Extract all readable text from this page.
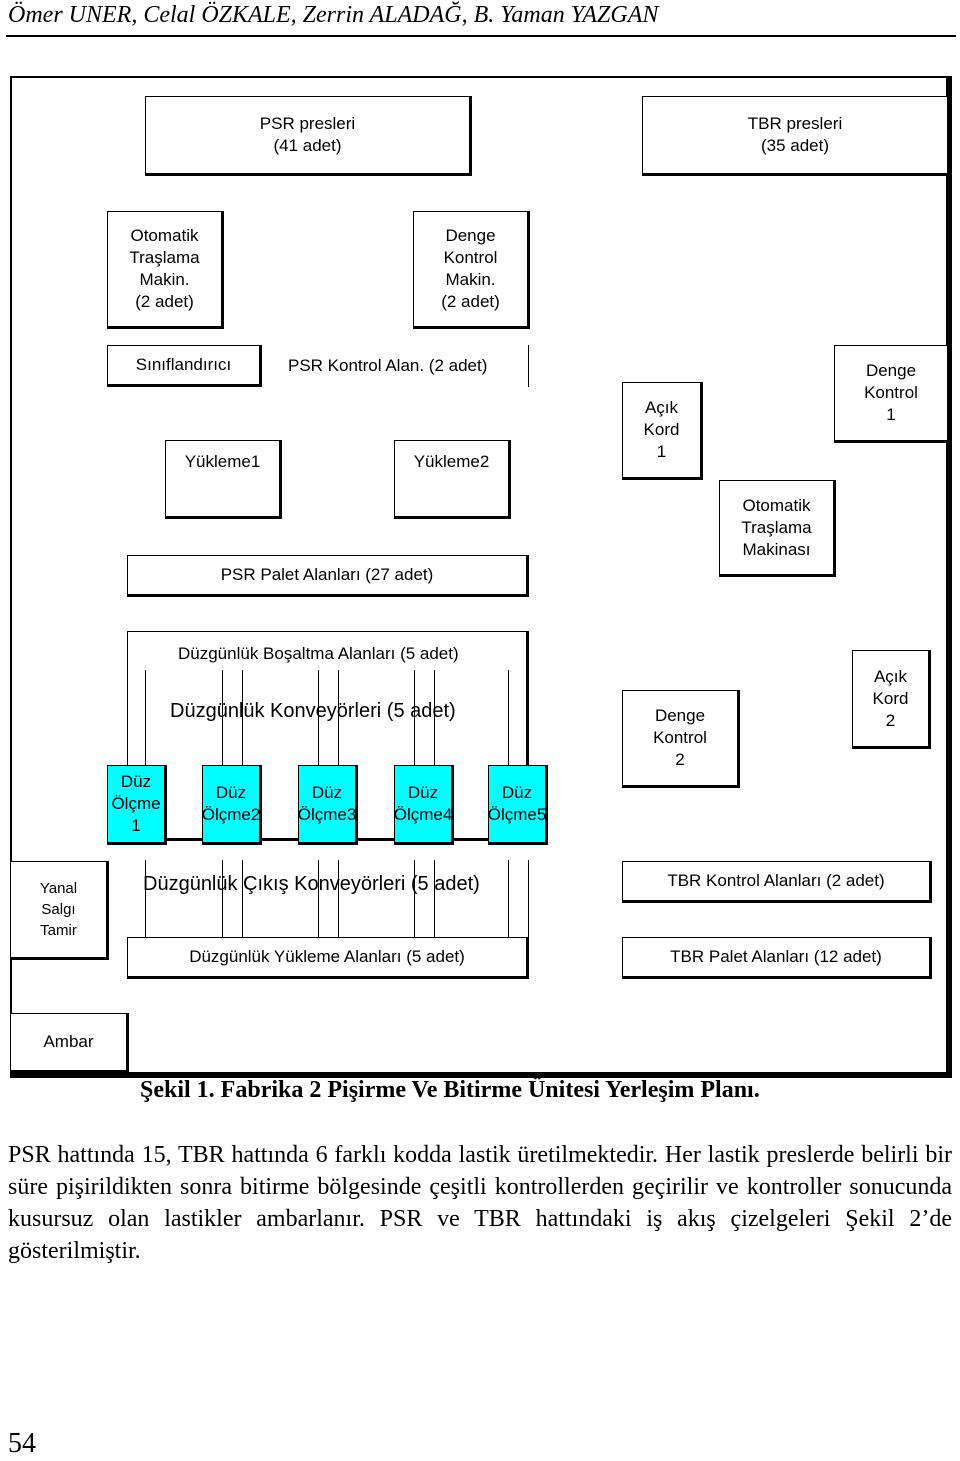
Ömer UNER, Celal ÖZKALE, Zerrin ALADAĞ, B. Yaman YAZGAN
PSR presleri
(41 adet)
TBR presleri
(35 adet)
Otomatik
Traşlama
Makin.
(2 adet)
Denge
Kontrol
Makin.
(2 adet)
Sınıflandırıcı	PSR Kontrol Alan. (2 adet)
Yükleme1	Yükleme2
Açık
Kord
1
Denge
Kontrol
1
Otomatik
Traşlama
Makinası
PSR Palet Alanları (27 adet)
Düzgünlük Boşaltma Alanları (5 adet)
Düzgünlük Konveyörleri (5 adet)	Denge
Kontrol
2
Açık
Kord
2
Düz
Ölçme
1
Düz
Ölçme2
Düz
Ölçme3
Düz
Ölçme4
Düz
Ölçme5
Yanal
Salgı
Tamir
Düzgünlük Çıkış Konveyörleri (5 adet)	TBR Kontrol Alanları (2 adet)
Düzgünlük Yükleme Alanları (5 adet)	TBR Palet Alanları (12 adet)
Ambar
Şekil 1. Fabrika 2 Pişirme Ve Bitirme Ünitesi Yerleşim Planı.
PSR hattında 15, TBR hattında 6 farklı kodda lastik üretilmektedir. Her lastik preslerde belirli bir süre pişirildikten sonra bitirme bölgesinde çeşitli kontrollerden geçirilir ve kontroller sonucunda kusursuz olan lastikler ambarlanır. PSR ve TBR hattındaki iş akış çizelgeleri Şekil 2’de gösterilmiştir.
54
